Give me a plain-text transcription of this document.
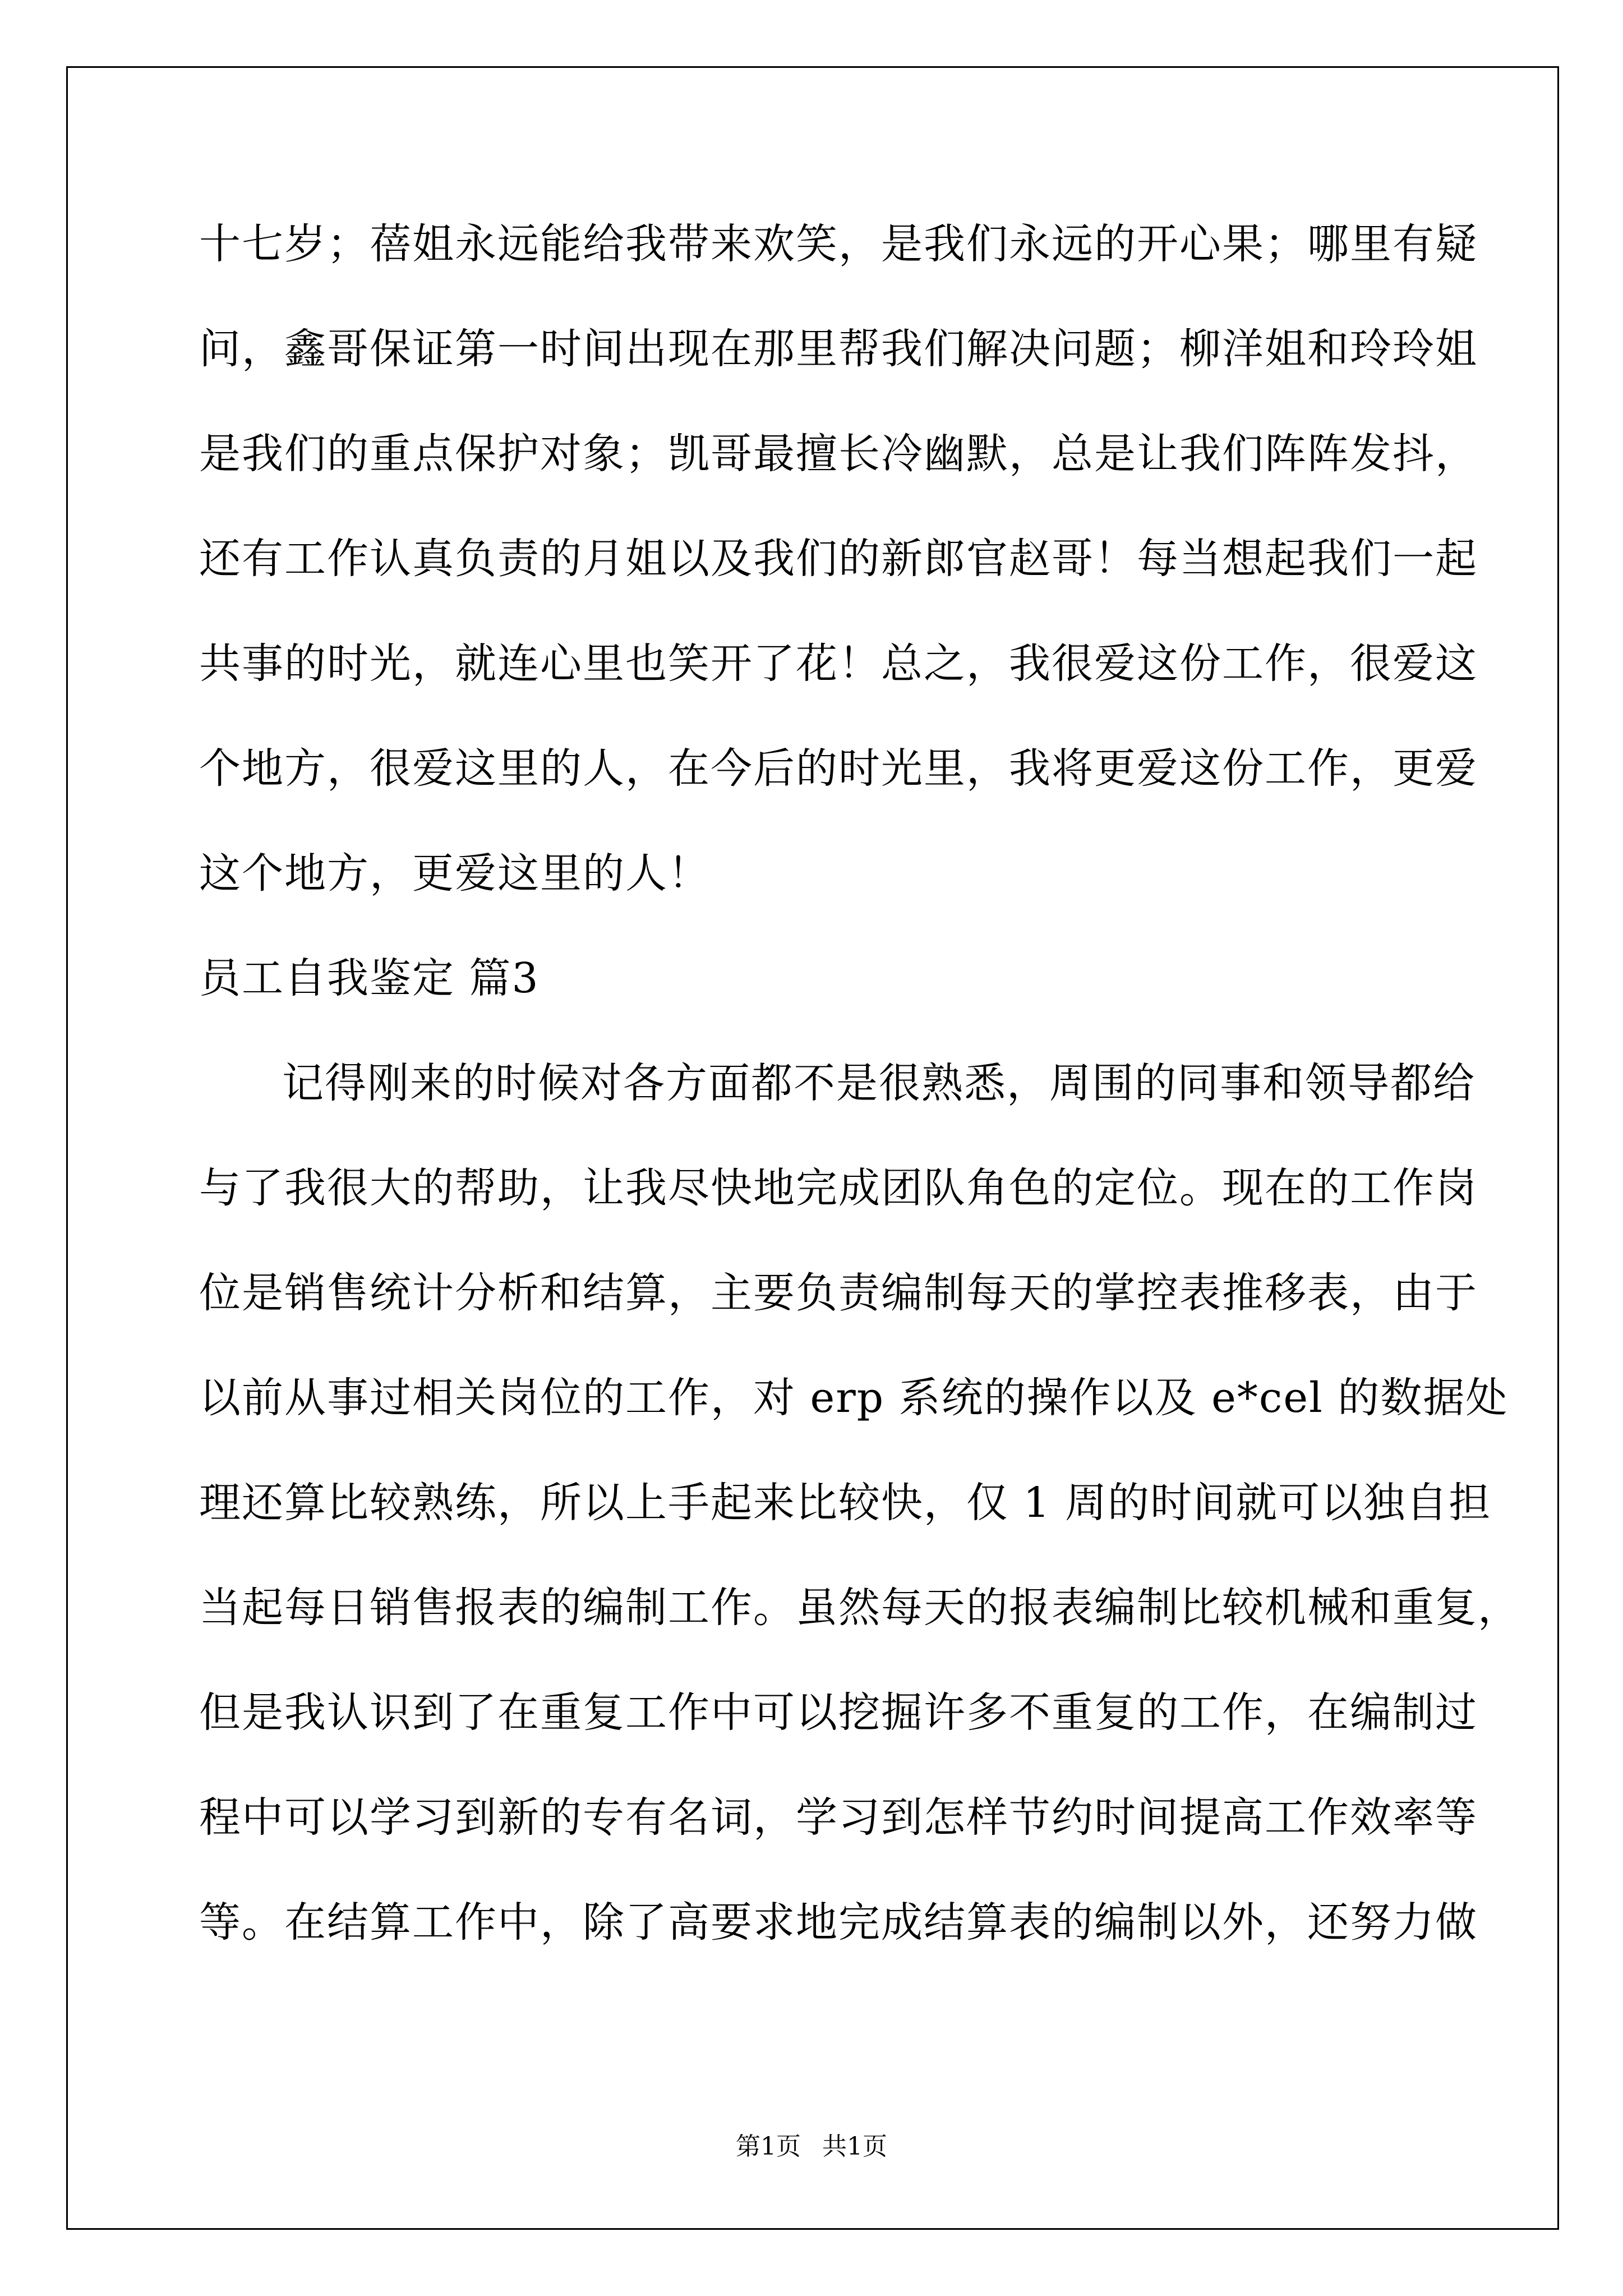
十七岁；蓓姐永远能给我带来欢笑，是我们永远的开心果；哪里有疑
问，鑫哥保证第一时间出现在那里帮我们解决问题；柳洋姐和玲玲姐
是我们的重点保护对象；凯哥最擅长冷幽默，总是让我们阵阵发抖，
还有工作认真负责的月姐以及我们的新郎官赵哥！每当想起我们一起
共事的时光，就连心里也笑开了花！总之，我很爱这份工作，很爱这
个地方，很爱这里的人，在今后的时光里，我将更爱这份工作，更爱
这个地方，更爱这里的人！
员工自我鉴定 篇3
记得刚来的时候对各方面都不是很熟悉，周围的同事和领导都给
与了我很大的帮助，让我尽快地完成团队角色的定位。现在的工作岗
位是销售统计分析和结算，主要负责编制每天的掌控表推移表，由于
以前从事过相关岗位的工作，对 erp 系统的操作以及 e*cel 的数据处
理还算比较熟练，所以上手起来比较快，仅 1 周的时间就可以独自担
当起每日销售报表的编制工作。虽然每天的报表编制比较机械和重复，
但是我认识到了在重复工作中可以挖掘许多不重复的工作，在编制过
程中可以学习到新的专有名词，学习到怎样节约时间提高工作效率等
等。在结算工作中，除了高要求地完成结算表的编制以外，还努力做
第1页 共1页
